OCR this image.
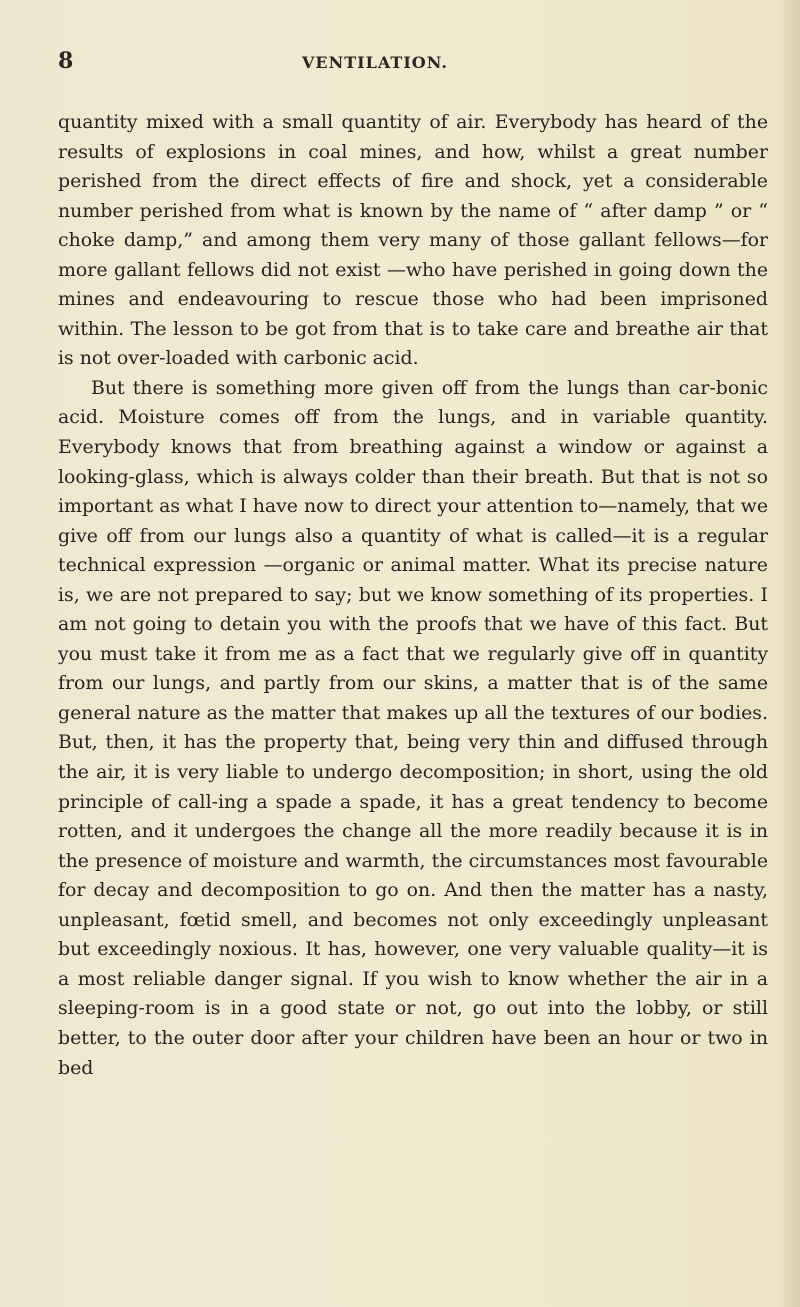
8	VENTILATION.

quantity mixed with a small quantity of air. Everybody has heard of the results of explosions in coal mines, and how, whilst a great number perished from the direct effects of fire and shock, yet a considerable number perished from what is known by the name of “ after damp ” or “ choke damp,” and among them very many of those gallant fellows—for more gallant fellows did not exist —who have perished in going down the mines and endeavouring to rescue those who had been imprisoned within. The lesson to be got from that is to take care and breathe air that is not over-loaded with carbonic acid.

But there is something more given off from the lungs than car-bonic acid. Moisture comes off from the lungs, and in variable quantity. Everybody knows that from breathing against a window or against a looking-glass, which is always colder than their breath. But that is not so important as what I have now to direct your attention to—namely, that we give off from our lungs also a quantity of what is called—it is a regular technical expression —organic or animal matter. What its precise nature is, we are not prepared to say; but we know something of its properties. I am not going to detain you with the proofs that we have of this fact. But you must take it from me as a fact that we regularly give off in quantity from our lungs, and partly from our skins, a matter that is of the same general nature as the matter that makes up all the textures of our bodies. But, then, it has the property that, being very thin and diffused through the air, it is very liable to undergo decomposition; in short, using the old principle of call-ing a spade a spade, it has a great tendency to become rotten, and it undergoes the change all the more readily because it is in the presence of moisture and warmth, the circumstances most favourable for decay and decomposition to go on. And then the matter has a nasty, unpleasant, fœtid smell, and becomes not only exceedingly unpleasant but exceedingly noxious. It has, however, one very valuable quality—it is a most reliable danger signal. If you wish to know whether the air in a sleeping-room is in a good state or not, go out into the lobby, or still better, to the outer door after your children have been an hour or two in bed
